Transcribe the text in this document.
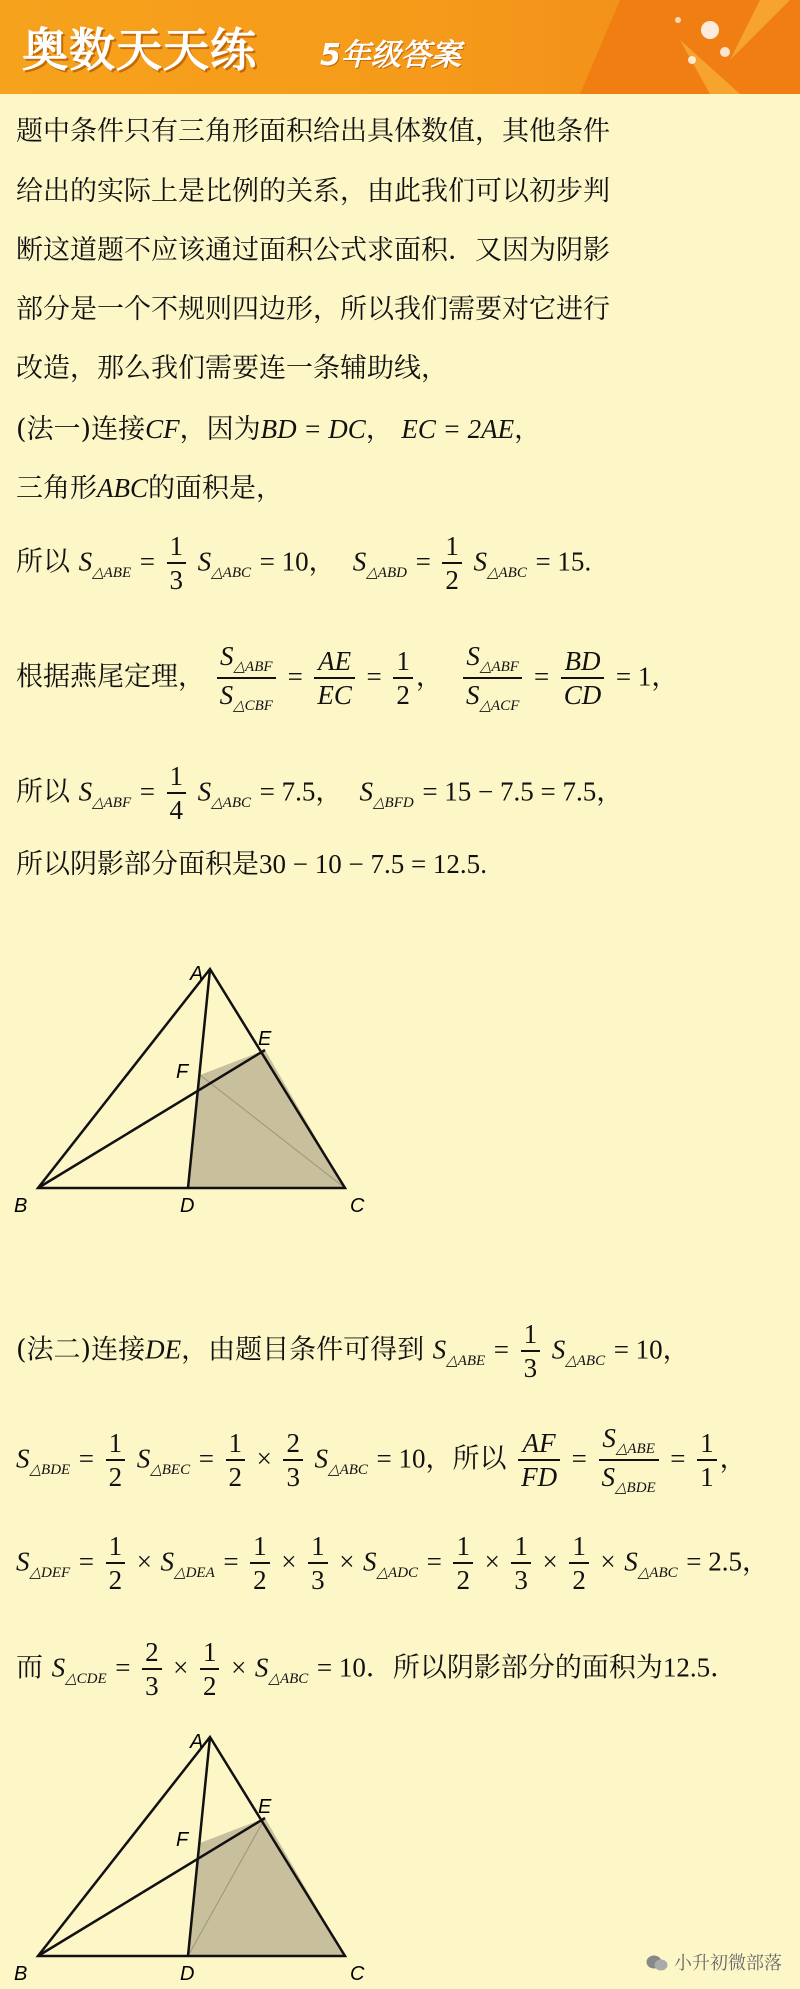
奥数天天练 5年级答案
题中条件只有三角形面积给出具体数值，其他条件
给出的实际上是比例的关系，由此我们可以初步判
断这道题不应该通过面积公式求面积．又因为阴影
部分是一个不规则四边形，所以我们需要对它进行
改造，那么我们需要连一条辅助线，
(法一)连接CF，因为BD = DC， EC = 2AE，
三角形ABC的面积是，
所以 $S_{\triangle ABE} = \frac{1}{3} S_{\triangle ABC} = 10$， $S_{\triangle ABD} = \frac{1}{2} S_{\triangle ABC} = 15$.
根据燕尾定理， $\frac{S_{\triangle ABF}}{S_{\triangle CBF}} = \frac{AE}{EC} = \frac{1}{2}$ ， $\frac{S_{\triangle ABF}}{S_{\triangle ACF}} = \frac{BD}{CD} = 1$，
所以 $S_{\triangle ABF} = \frac{1}{4} S_{\triangle ABC} = 7.5$， $S_{\triangle BFD} = 15 - 7.5 = 7.5$，
所以阴影部分面积是30 − 10 − 7.5 = 12.5.
A
E
F
B	D	C
(法二)连接DE，由题目条件可得到 $S_{\triangle ABE} = \frac{1}{3} S_{\triangle ABC} = 10$，
$S_{\triangle BDE} = \frac{1}{2} S_{\triangle BEC} = \frac{1}{2} \times \frac{2}{3} S_{\triangle ABC} = 10$，所以 $\frac{AF}{FD} = \frac{S_{\triangle ABE}}{S_{\triangle BDE}} = \frac{1}{1}$ ，
$S_{\triangle DEF} = \frac{1}{2} \times S_{\triangle DEA} = \frac{1}{2} \times \frac{1}{3} \times S_{\triangle ADC} = \frac{1}{2} \times \frac{1}{3} \times \frac{1}{2} \times S_{\triangle ABC} = 2.5$，
而 $S_{\triangle CDE} = \frac{2}{3} \times \frac{1}{2} \times S_{\triangle ABC} = 10$．所以阴影部分的面积为12.5．
A
E
F
B	D	C	小升初微部落
